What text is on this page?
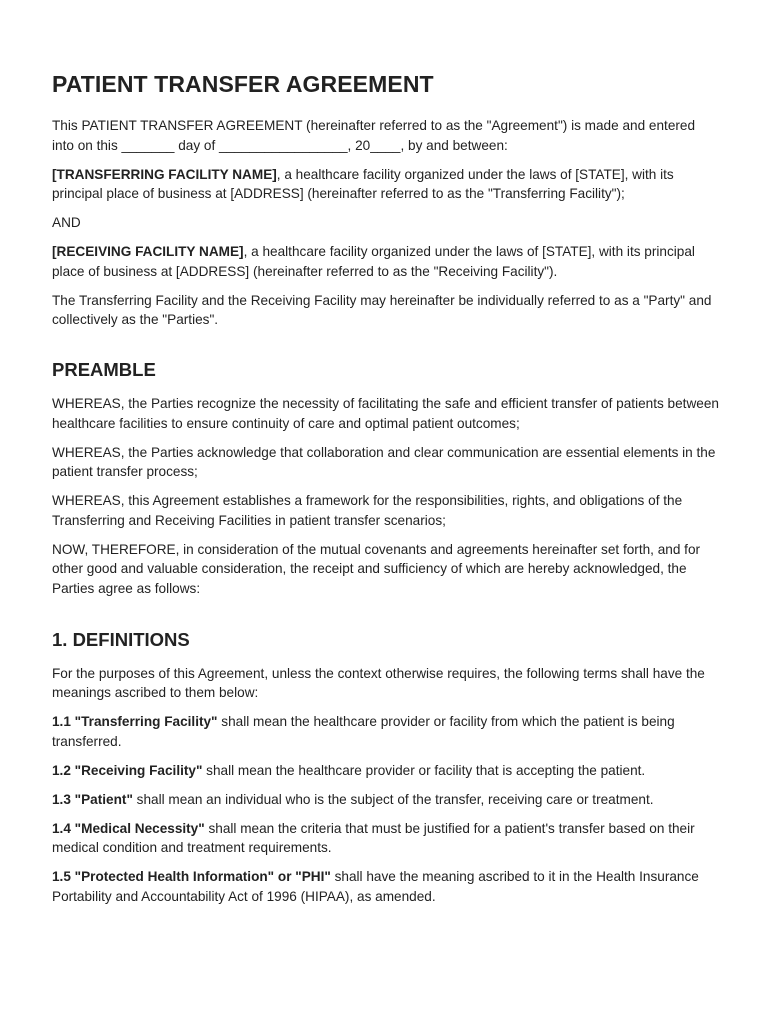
PATIENT TRANSFER AGREEMENT

This PATIENT TRANSFER AGREEMENT (hereinafter referred to as the "Agreement") is made and entered into on this _______ day of _________________, 20____, by and between:

[TRANSFERRING FACILITY NAME], a healthcare facility organized under the laws of [STATE], with its principal place of business at [ADDRESS] (hereinafter referred to as the "Transferring Facility");

AND

[RECEIVING FACILITY NAME], a healthcare facility organized under the laws of [STATE], with its principal place of business at [ADDRESS] (hereinafter referred to as the "Receiving Facility").

The Transferring Facility and the Receiving Facility may hereinafter be individually referred to as a "Party" and collectively as the "Parties".

PREAMBLE

WHEREAS, the Parties recognize the necessity of facilitating the safe and efficient transfer of patients between healthcare facilities to ensure continuity of care and optimal patient outcomes;

WHEREAS, the Parties acknowledge that collaboration and clear communication are essential elements in the patient transfer process;

WHEREAS, this Agreement establishes a framework for the responsibilities, rights, and obligations of the Transferring and Receiving Facilities in patient transfer scenarios;

NOW, THEREFORE, in consideration of the mutual covenants and agreements hereinafter set forth, and for other good and valuable consideration, the receipt and sufficiency of which are hereby acknowledged, the Parties agree as follows:

1. DEFINITIONS

For the purposes of this Agreement, unless the context otherwise requires, the following terms shall have the meanings ascribed to them below:

1.1 "Transferring Facility" shall mean the healthcare provider or facility from which the patient is being transferred.

1.2 "Receiving Facility" shall mean the healthcare provider or facility that is accepting the patient.

1.3 "Patient" shall mean an individual who is the subject of the transfer, receiving care or treatment.

1.4 "Medical Necessity" shall mean the criteria that must be justified for a patient's transfer based on their medical condition and treatment requirements.

1.5 "Protected Health Information" or "PHI" shall have the meaning ascribed to it in the Health Insurance Portability and Accountability Act of 1996 (HIPAA), as amended.
